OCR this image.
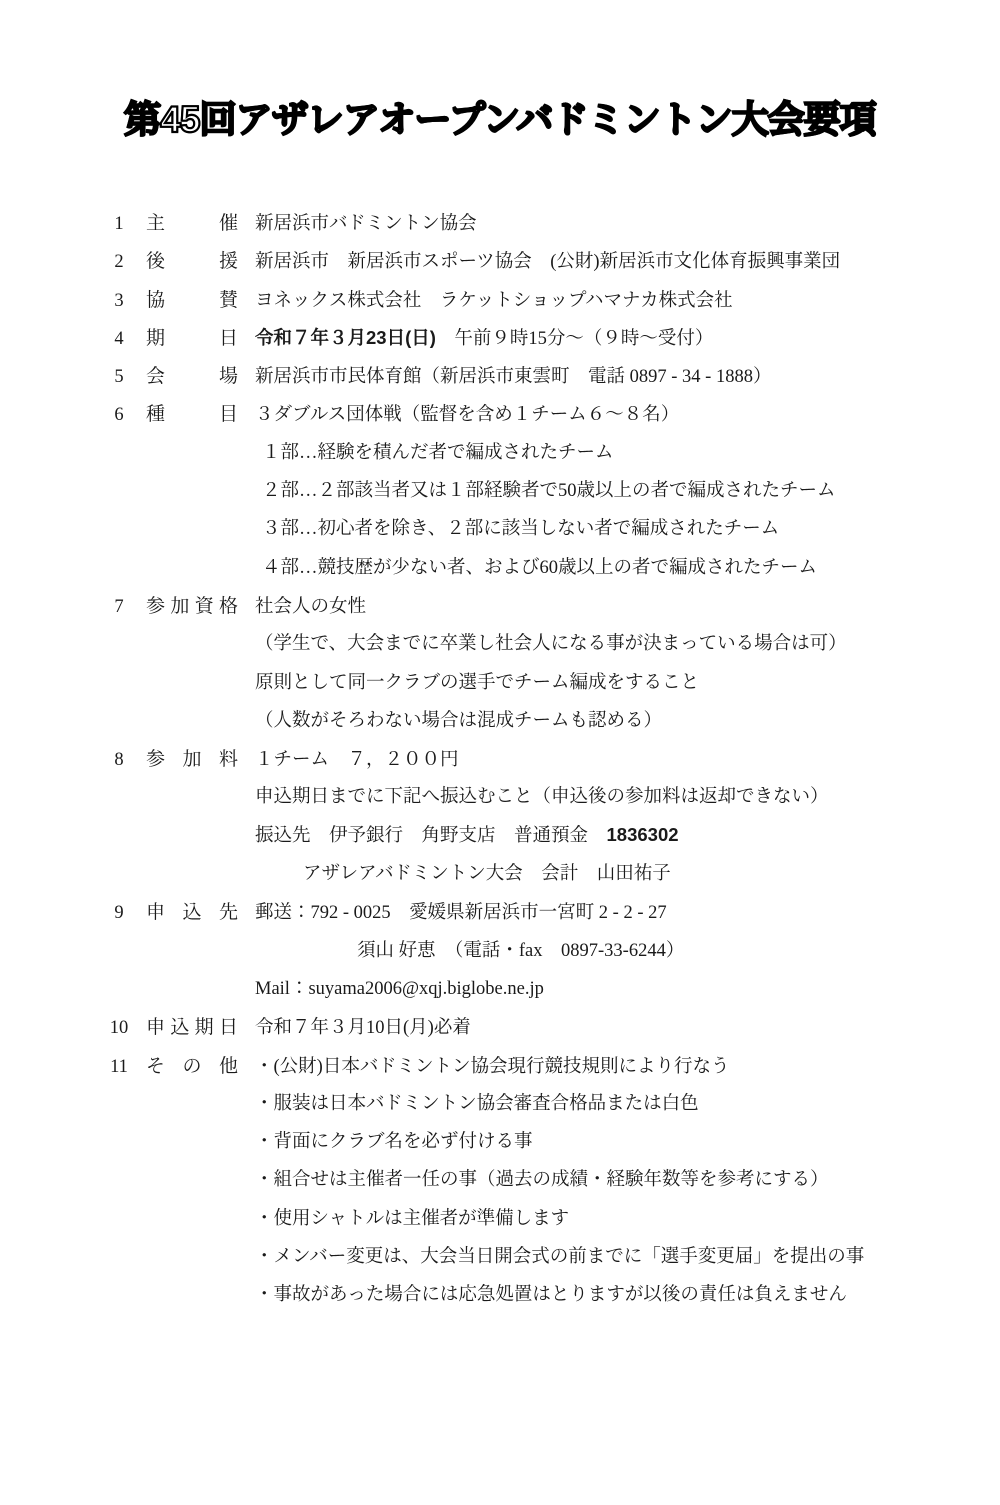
第45回アザレアオープンバドミントン大会要項
1	主催 新居浜市バドミントン協会
2	後援 新居浜市　新居浜市スポーツ協会　(公財)新居浜市文化体育振興事業団
3	協賛 ヨネックス株式会社　ラケットショップハマナカ株式会社
4	期日 令和７年３月23日(日)　午前９時15分～（９時～受付）
5	会場 新居浜市市民体育館（新居浜市東雲町　電話 0897 - 34 - 1888）
6	種目 ３ダブルス団体戦（監督を含め１チーム６～８名）
１部…経験を積んだ者で編成されたチーム
２部…２部該当者又は１部経験者で50歳以上の者で編成されたチーム
３部…初心者を除き、２部に該当しない者で編成されたチーム
４部…競技歴が少ない者、および60歳以上の者で編成されたチーム
7	参加資格 社会人の女性
（学生で、大会までに卒業し社会人になる事が決まっている場合は可）
原則として同一クラブの選手でチーム編成をすること
（人数がそろわない場合は混成チームも認める）
8	参加料 １チーム　７，２００円
申込期日までに下記へ振込むこと（申込後の参加料は返却できない）
振込先　伊予銀行　角野支店　普通預金　1836302
アザレアバドミントン大会　会計　山田祐子
9	申込先 郵送：792 - 0025　愛媛県新居浜市一宮町 2 - 2 - 27
須山 好恵　（電話・fax　0897-33-6244）
Mail：suyama2006@xqj.biglobe.ne.jp
10 申込期日 令和７年３月10日(月)必着
11 その他 ・(公財)日本バドミントン協会現行競技規則により行なう
・服装は日本バドミントン協会審査合格品または白色
・背面にクラブ名を必ず付ける事
・組合せは主催者一任の事（過去の成績・経験年数等を参考にする）
・使用シャトルは主催者が準備します
・メンバー変更は、大会当日開会式の前までに「選手変更届」を提出の事
・事故があった場合には応急処置はとりますが以後の責任は負えません
